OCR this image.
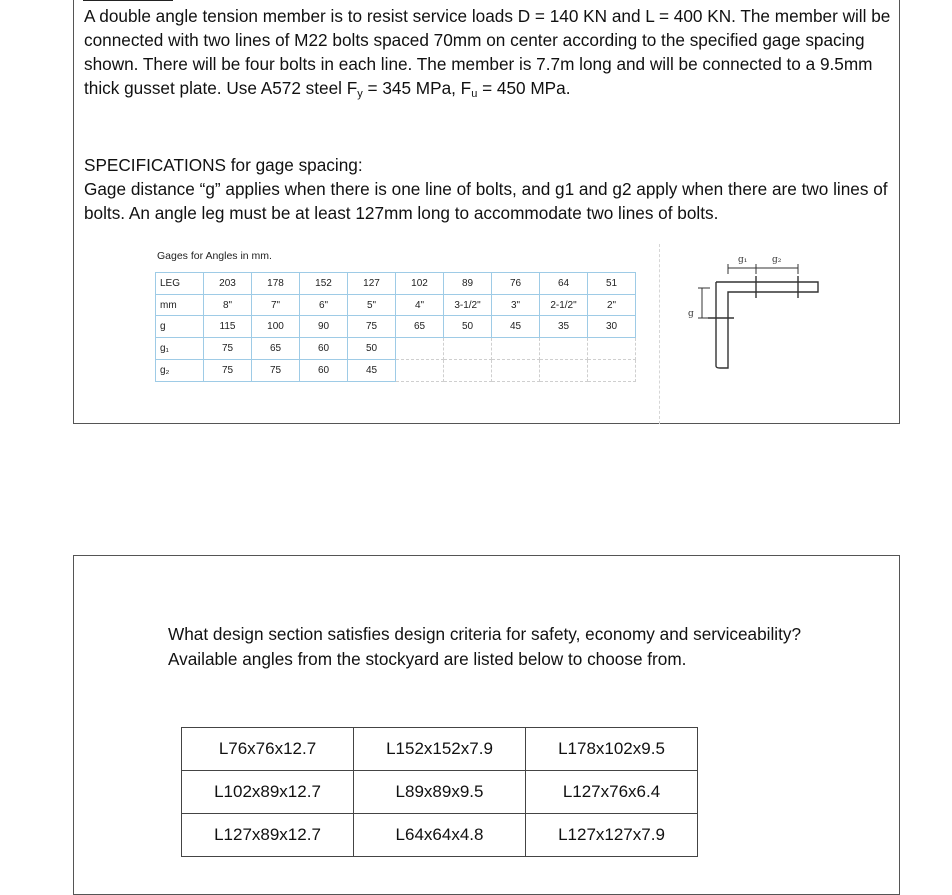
A double angle tension member is to resist service loads D = 140 KN and L = 400 KN. The member will be connected with two lines of M22 bolts spaced 70mm on center according to the specified gage spacing shown. There will be four bolts in each line. The member is 7.7m long and will be connected to a 9.5mm thick gusset plate. Use A572 steel $F_y = 345$ MPa, $F_u = 450$ MPa.

SPECIFICATIONS for gage spacing:
Gage distance “g” applies when there is one line of bolts, and g1 and g2 apply when there are two lines of bolts. An angle leg must be at least 127mm long to accommodate two lines of bolts.

Gages for Angles in mm.
LEG	203	178	152	127	102	89	76	64	51
mm	8"	7"	6"	5"	4"	3-1/2"	3"	2-1/2"	2"
g	115	100	90	75	65	50	45	35	30
g₁	75	65	60	50					
g₂	75	75	60	45					
g₁	g₂
g

What design section satisfies design criteria for safety, economy and serviceability? Available angles from the stockyard are listed below to choose from.

L76x76x12.7	L152x152x7.9	L178x102x9.5
L102x89x12.7	L89x89x9.5	L127x76x6.4
L127x89x12.7	L64x64x4.8	L127x127x7.9
